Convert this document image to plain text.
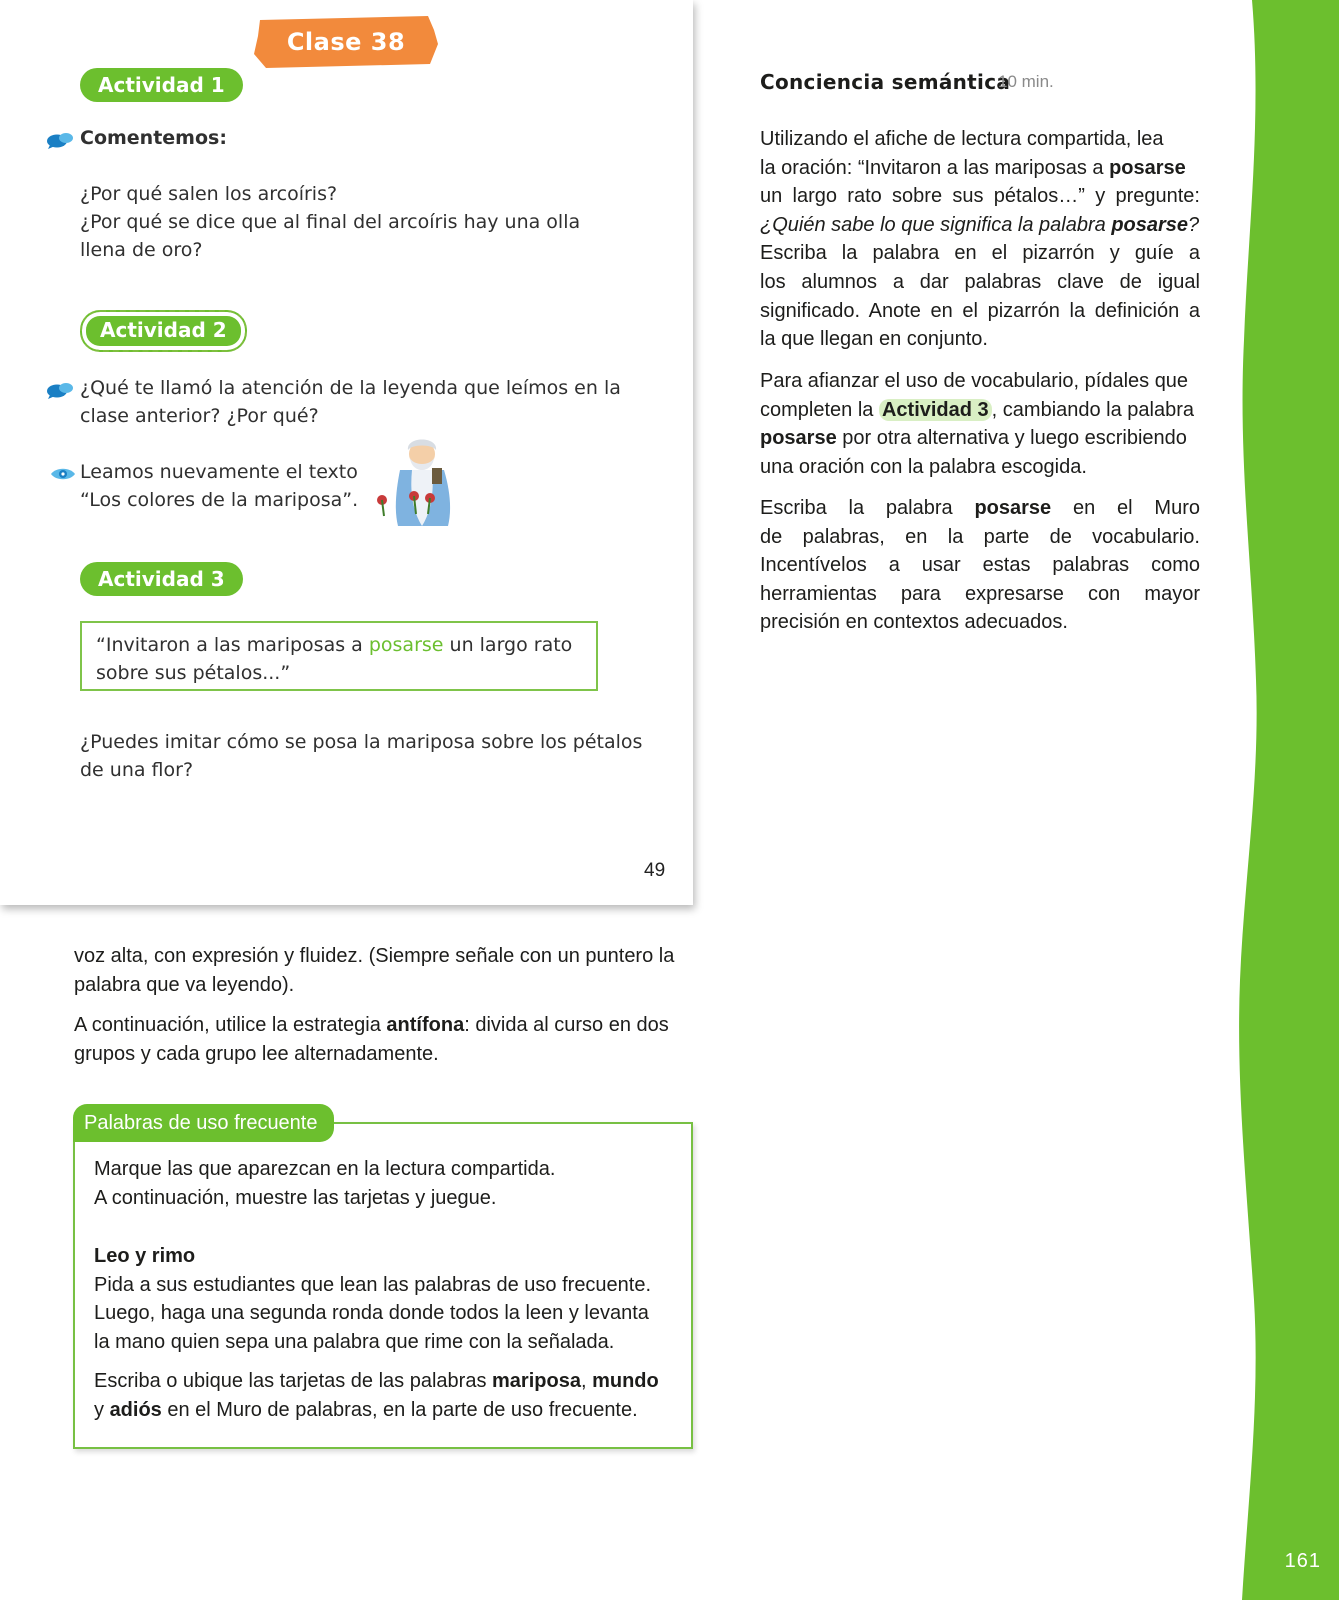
161
Clase 38
Actividad 1
Comentemos:
¿Por qué salen los arcoíris?
¿Por qué se dice que al final del arcoíris hay una olla
llena de oro?
Actividad 2
¿Qué te llamó la atención de la leyenda que leímos en la
clase anterior? ¿Por qué?
Leamos nuevamente el texto
“Los colores de la mariposa”.
Actividad 3
“Invitaron a las mariposas a posarse un largo rato
sobre sus pétalos...”
¿Puedes imitar cómo se posa la mariposa sobre los pétalos
de una flor?
49
Conciencia semántica
10 min.

Utilizando el afiche de lectura compartida, lea

la oración: “Invitaron a las mariposas a posarse

un largo rato sobre sus pétalos…” y pregunte:

¿Quién sabe lo que significa la palabra posarse?

Escriba la palabra en el pizarrón y guíe a

los alumnos a dar palabras clave de igual

significado. Anote en el pizarrón la definición a

la que llegan en conjunto.

Para afianzar el uso de vocabulario, pídales que

completen la Actividad 3 , cambiando la palabra

posarse por otra alternativa y luego escribiendo

una oración con la palabra escogida.

Escriba la palabra posarse en el Muro

de palabras, en la parte de vocabulario.

Incentívelos a usar estas palabras como

herramientas para expresarse con mayor

precisión en contextos adecuados.

voz alta, con expresión y fluidez. (Siempre señale con un puntero la

palabra que va leyendo).

A continuación, utilice la estrategia antífona: divida al curso en dos

grupos y cada grupo lee alternadamente.

Palabras de uso frecuente
Marque las que aparezcan en la lectura compartida.
A continuación, muestre las tarjetas y juegue.
Leo y rimo
Pida a sus estudiantes que lean las palabras de uso frecuente.
Luego, haga una segunda ronda donde todos la leen y levanta
la mano quien sepa una palabra que rime con la señalada.
Escriba o ubique las tarjetas de las palabras mariposa, mundo
y adiós en el Muro de palabras, en la parte de uso frecuente.
